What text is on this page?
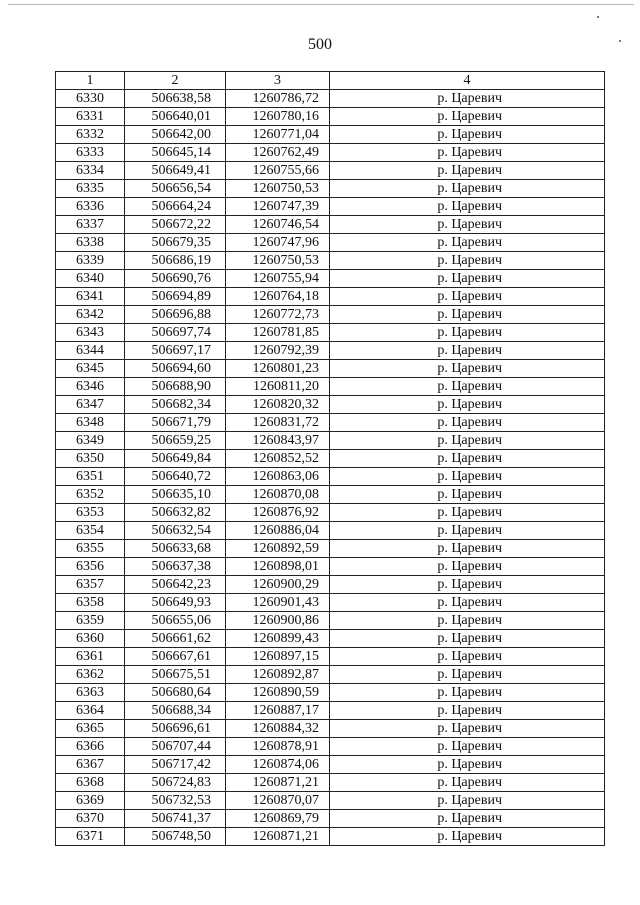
500
1	2	3	4
6330	506638,58	1260786,72	р. Царевич
6331	506640,01	1260780,16	р. Царевич
6332	506642,00	1260771,04	р. Царевич
6333	506645,14	1260762,49	р. Царевич
6334	506649,41	1260755,66	р. Царевич
6335	506656,54	1260750,53	р. Царевич
6336	506664,24	1260747,39	р. Царевич
6337	506672,22	1260746,54	р. Царевич
6338	506679,35	1260747,96	р. Царевич
6339	506686,19	1260750,53	р. Царевич
6340	506690,76	1260755,94	р. Царевич
6341	506694,89	1260764,18	р. Царевич
6342	506696,88	1260772,73	р. Царевич
6343	506697,74	1260781,85	р. Царевич
6344	506697,17	1260792,39	р. Царевич
6345	506694,60	1260801,23	р. Царевич
6346	506688,90	1260811,20	р. Царевич
6347	506682,34	1260820,32	р. Царевич
6348	506671,79	1260831,72	р. Царевич
6349	506659,25	1260843,97	р. Царевич
6350	506649,84	1260852,52	р. Царевич
6351	506640,72	1260863,06	р. Царевич
6352	506635,10	1260870,08	р. Царевич
6353	506632,82	1260876,92	р. Царевич
6354	506632,54	1260886,04	р. Царевич
6355	506633,68	1260892,59	р. Царевич
6356	506637,38	1260898,01	р. Царевич
6357	506642,23	1260900,29	р. Царевич
6358	506649,93	1260901,43	р. Царевич
6359	506655,06	1260900,86	р. Царевич
6360	506661,62	1260899,43	р. Царевич
6361	506667,61	1260897,15	р. Царевич
6362	506675,51	1260892,87	р. Царевич
6363	506680,64	1260890,59	р. Царевич
6364	506688,34	1260887,17	р. Царевич
6365	506696,61	1260884,32	р. Царевич
6366	506707,44	1260878,91	р. Царевич
6367	506717,42	1260874,06	р. Царевич
6368	506724,83	1260871,21	р. Царевич
6369	506732,53	1260870,07	р. Царевич
6370	506741,37	1260869,79	р. Царевич
6371	506748,50	1260871,21	р. Царевич
